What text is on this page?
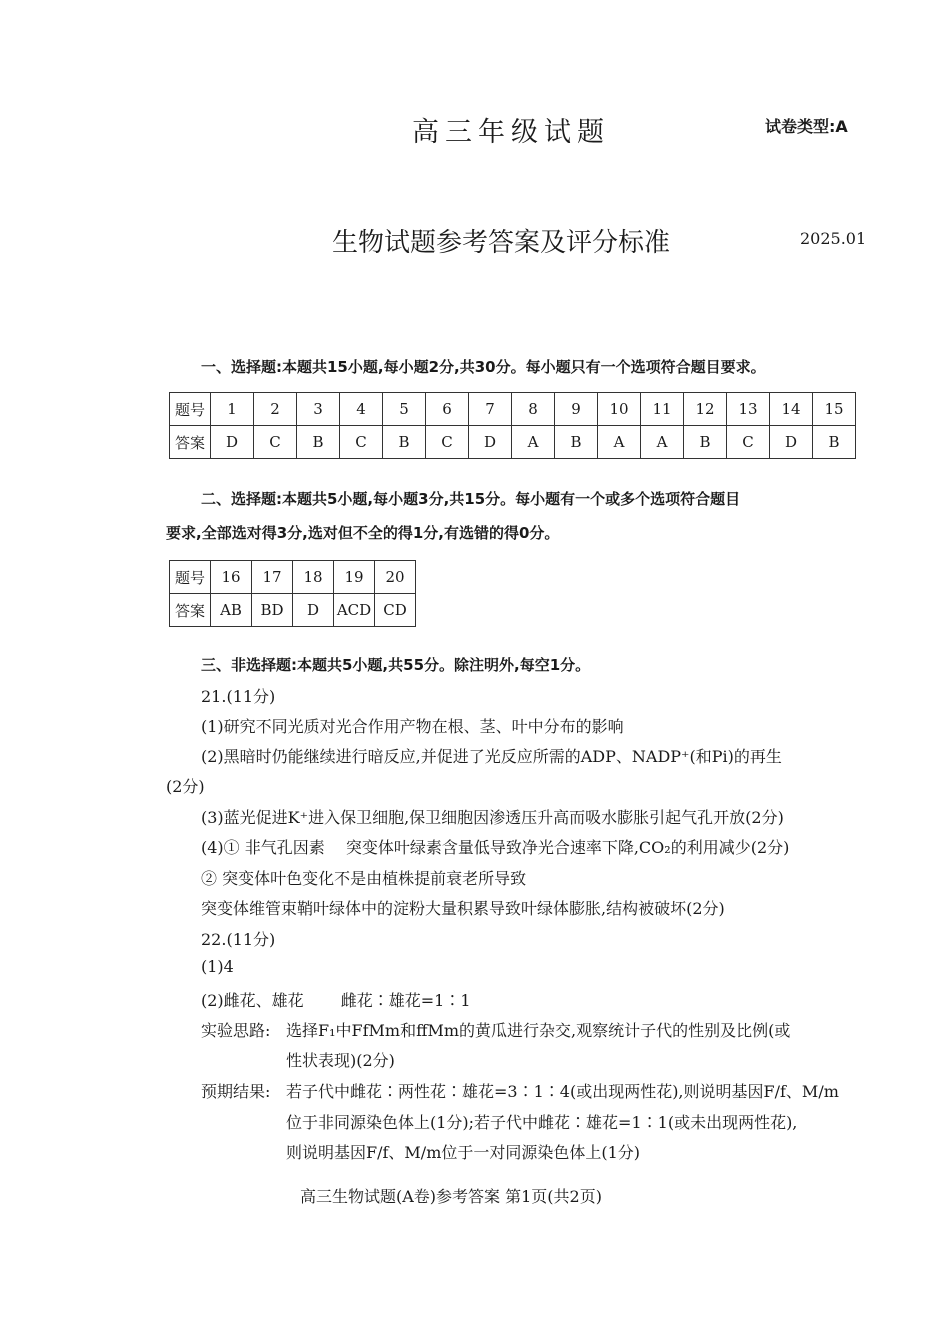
高三年级试题	试卷类型:A
生物试题参考答案及评分标准	2025.01
一、选择题:本题共15小题,每小题2分,共30分。每小题只有一个选项符合题目要求。
题号	1	2	3	4	5	6	7	8	9	10	11	12	13	14	15
答案	D	C	B	C	B	C	D	A	B	A	A	B	C	D	B
二、选择题:本题共5小题,每小题3分,共15分。每小题有一个或多个选项符合题目
要求,全部选对得3分,选对但不全的得1分,有选错的得0分。
题号	16	17	18	19	20
答案	AB	BD	D	ACD	CD
三、非选择题:本题共5小题,共55分。除注明外,每空1分。
21.(11分)
(1)研究不同光质对光合作用产物在根、茎、叶中分布的影响
(2)黑暗时仍能继续进行暗反应,并促进了光反应所需的ADP、NADP⁺(和Pi)的再生
(2分)
(3)蓝光促进K⁺进入保卫细胞,保卫细胞因渗透压升高而吸水膨胀引起气孔开放(2分)
(4)① 非气孔因素　 突变体叶绿素含量低导致净光合速率下降,CO₂的利用减少(2分)
② 突变体叶色变化不是由植株提前衰老所导致
突变体维管束鞘叶绿体中的淀粉大量积累导致叶绿体膨胀,结构被破坏(2分)
22.(11分)
(1)4
(2)雌花、雄花　　 雌花∶雄花=1∶1
实验思路: 选择F₁中FfMm和ffMm的黄瓜进行杂交,观察统计子代的性别及比例(或
性状表现)(2分)
预期结果: 若子代中雌花∶两性花∶雄花=3∶1∶4(或出现两性花),则说明基因F/f、M/m
位于非同源染色体上(1分);若子代中雌花∶雄花=1∶1(或未出现两性花),
则说明基因F/f、M/m位于一对同源染色体上(1分)
高三生物试题(A卷)参考答案 第1页(共2页)
